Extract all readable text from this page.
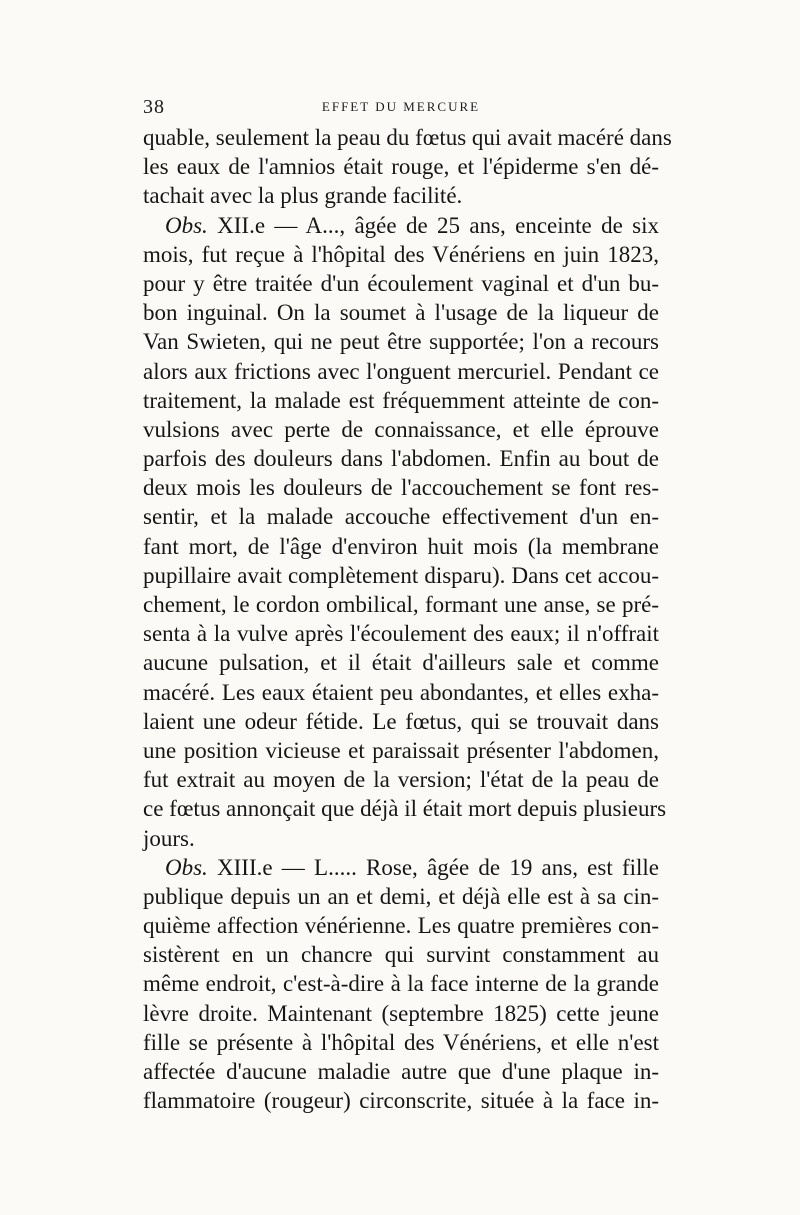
38	EFFET DU MERCURE
quable, seulement la peau du fœtus qui avait macéré dans
les eaux de l'amnios était rouge, et l'épiderme s'en dé-
tachait avec la plus grande facilité.
Obs. XII.e — A..., âgée de 25 ans, enceinte de six
mois, fut reçue à l'hôpital des Vénériens en juin 1823,
pour y être traitée d'un écoulement vaginal et d'un bu-
bon inguinal. On la soumet à l'usage de la liqueur de
Van Swieten, qui ne peut être supportée; l'on a recours
alors aux frictions avec l'onguent mercuriel. Pendant ce
traitement, la malade est fréquemment atteinte de con-
vulsions avec perte de connaissance, et elle éprouve
parfois des douleurs dans l'abdomen. Enfin au bout de
deux mois les douleurs de l'accouchement se font res-
sentir, et la malade accouche effectivement d'un en-
fant mort, de l'âge d'environ huit mois (la membrane
pupillaire avait complètement disparu). Dans cet accou-
chement, le cordon ombilical, formant une anse, se pré-
senta à la vulve après l'écoulement des eaux; il n'offrait
aucune pulsation, et il était d'ailleurs sale et comme
macéré. Les eaux étaient peu abondantes, et elles exha-
laient une odeur fétide. Le fœtus, qui se trouvait dans
une position vicieuse et paraissait présenter l'abdomen,
fut extrait au moyen de la version; l'état de la peau de
ce fœtus annonçait que déjà il était mort depuis plusieurs
jours.
Obs. XIII.e — L..... Rose, âgée de 19 ans, est fille
publique depuis un an et demi, et déjà elle est à sa cin-
quième affection vénérienne. Les quatre premières con-
sistèrent en un chancre qui survint constamment au
même endroit, c'est-à-dire à la face interne de la grande
lèvre droite. Maintenant (septembre 1825) cette jeune
fille se présente à l'hôpital des Vénériens, et elle n'est
affectée d'aucune maladie autre que d'une plaque in-
flammatoire (rougeur) circonscrite, située à la face in-
